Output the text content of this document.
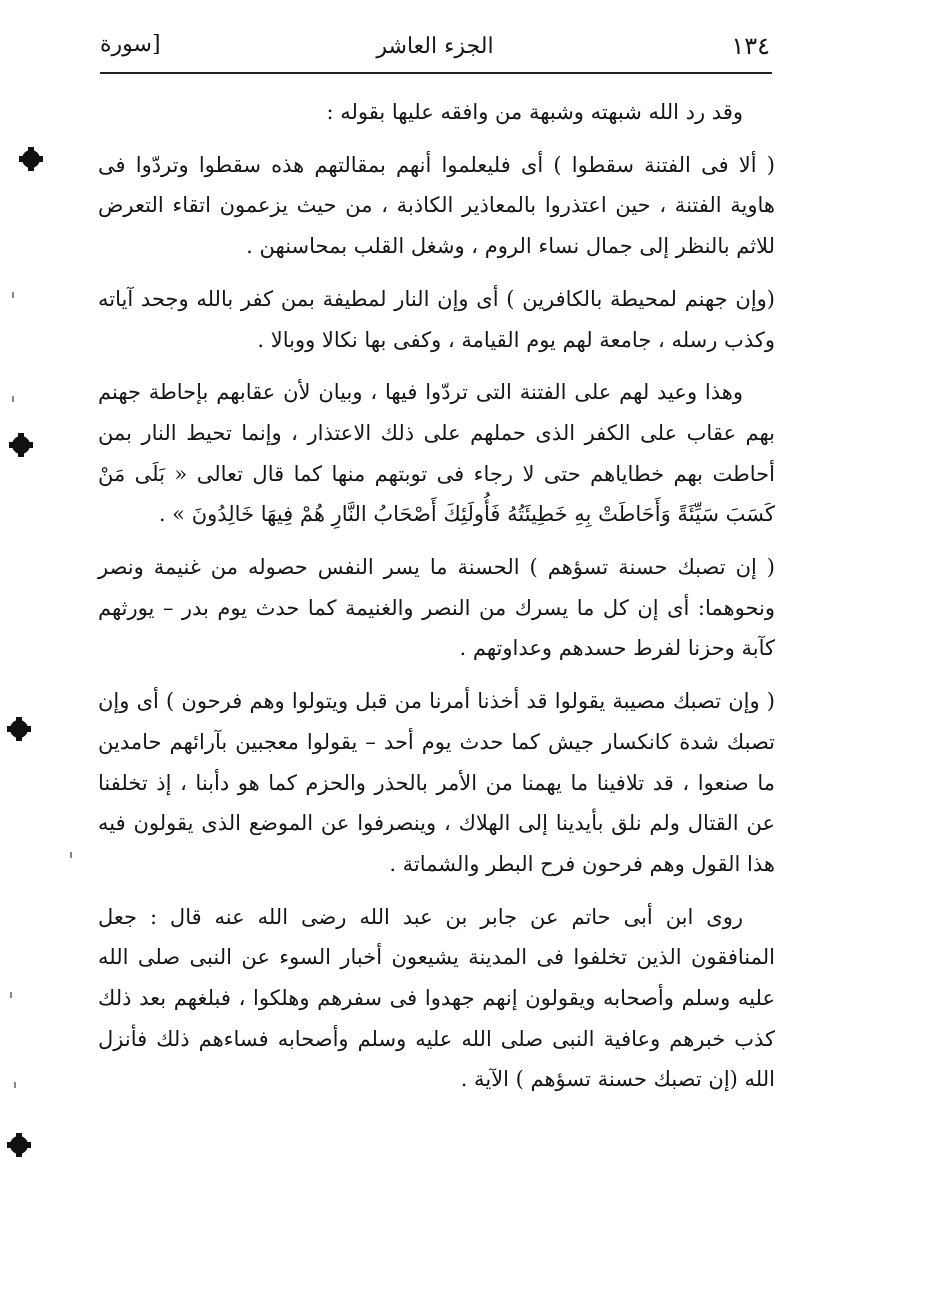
١٣٤
الجزء العاشر
[سورة

وقد رد الله شبهته وشبهة من وافقه عليها بقوله :

( ألا فى الفتنة سقطوا ) أى فليعلموا أنهم بمقالتهم هذه سقطوا وتردّوا فى هاوية الفتنة ، حين اعتذروا بالمعاذير الكاذبة ، من حيث يزعمون اتقاء التعرض للاثم بالنظر إلى جمال نساء الروم ، وشغل القلب بمحاسنهن .

(وإن جهنم لمحيطة بالكافرين ) أى وإن النار لمطيفة بمن كفر بالله وجحد آياته وكذب رسله ، جامعة لهم يوم القيامة ، وكفى بها نكالا ووبالا .

وهذا وعيد لهم على الفتنة التى تردّوا فيها ، وبيان لأن عقابهم بإحاطة جهنم بهم عقاب على الكفر الذى حملهم على ذلك الاعتذار ، وإنما تحيط النار بمن أحاطت بهم خطاياهم حتى لا رجاء فى توبتهم منها كما قال تعالى « بَلَى مَنْ كَسَبَ سَيِّئَةً وَأَحَاطَتْ بِهِ خَطِيئَتُهُ فَأُولَئِكَ أَصْحَابُ النَّارِ هُمْ فِيهَا خَالِدُونَ » .

( إن تصبك حسنة تسؤهم ) الحسنة ما يسر النفس حصوله من غنيمة ونصر ونحوهما: أى إن كل ما يسرك من النصر والغنيمة كما حدث يوم بدر – يورثهم كآبة وحزنا لفرط حسدهم وعداوتهم .

( وإن تصبك مصيبة يقولوا قد أخذنا أمرنا من قبل ويتولوا وهم فرحون ) أى وإن تصبك شدة كانكسار جيش كما حدث يوم أحد – يقولوا معجبين بآرائهم حامدين ما صنعوا ، قد تلافينا ما يهمنا من الأمر بالحذر والحزم كما هو دأبنا ، إذ تخلفنا عن القتال ولم نلق بأيدينا إلى الهلاك ، وينصرفوا عن الموضع الذى يقولون فيه هذا القول وهم فرحون فرح البطر والشماتة .

روى ابن أبى حاتم عن جابر بن عبد الله رضى الله عنه قال : جعل المنافقون الذين تخلفوا فى المدينة يشيعون أخبار السوء عن النبى صلى الله عليه وسلم وأصحابه ويقولون إنهم جهدوا فى سفرهم وهلكوا ، فبلغهم بعد ذلك كذب خبرهم وعافية النبى صلى الله عليه وسلم وأصحابه فساءهم ذلك فأنزل الله (إن تصبك حسنة تسؤهم ) الآية .
